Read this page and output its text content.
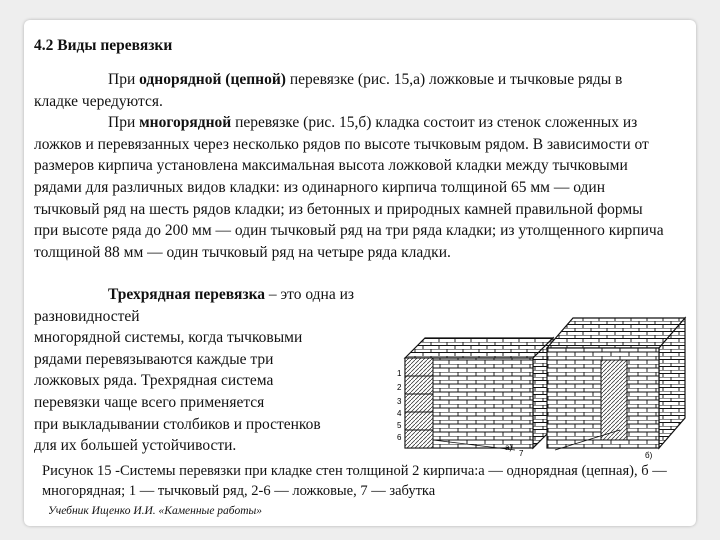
4.2 Виды перевязки

При однорядной (цепной) перевязке (рис. 15,а) ложковые и тычковые ряды в кладке чередуются.

При многорядной перевязке (рис. 15,б) кладка состоит из стенок сложенных из ложков и перевязанных через несколько рядов по высоте тычковым рядом. В зависимости от размеров кирпича установлена максимальная высота ложковой кладки между тычковыми рядами для различных видов кладки: из одинарного кирпича толщиной 65 мм — один тычковый ряд на шесть рядов кладки; из бетонных и природных камней правильной формы при высоте ряда до 200 мм — один тычковый ряд на три ряда кладки; из утолщенного кирпича толщиной 88 мм — один тычковый ряд на четыре ряда кладки.

Трехрядная перевязка – это одна из разновидностей
многорядной системы, когда тычковыми
рядами перевязываются каждые три
ложковых ряда. Трехрядная система
перевязки чаще всего применяется
при выкладывании столбиков и простенков
для их большей устойчивости.
2
3
4
5
6
1
7
а)
б)
Рисунок 15 -Системы перевязки при кладке стен толщиной 2 кирпича:а — однорядная (цепная), б — многорядная; 1 — тычковый ряд, 2-6 — ложковые, 7 — забутка
Учебник Ищенко И.И. «Каменные работы»
